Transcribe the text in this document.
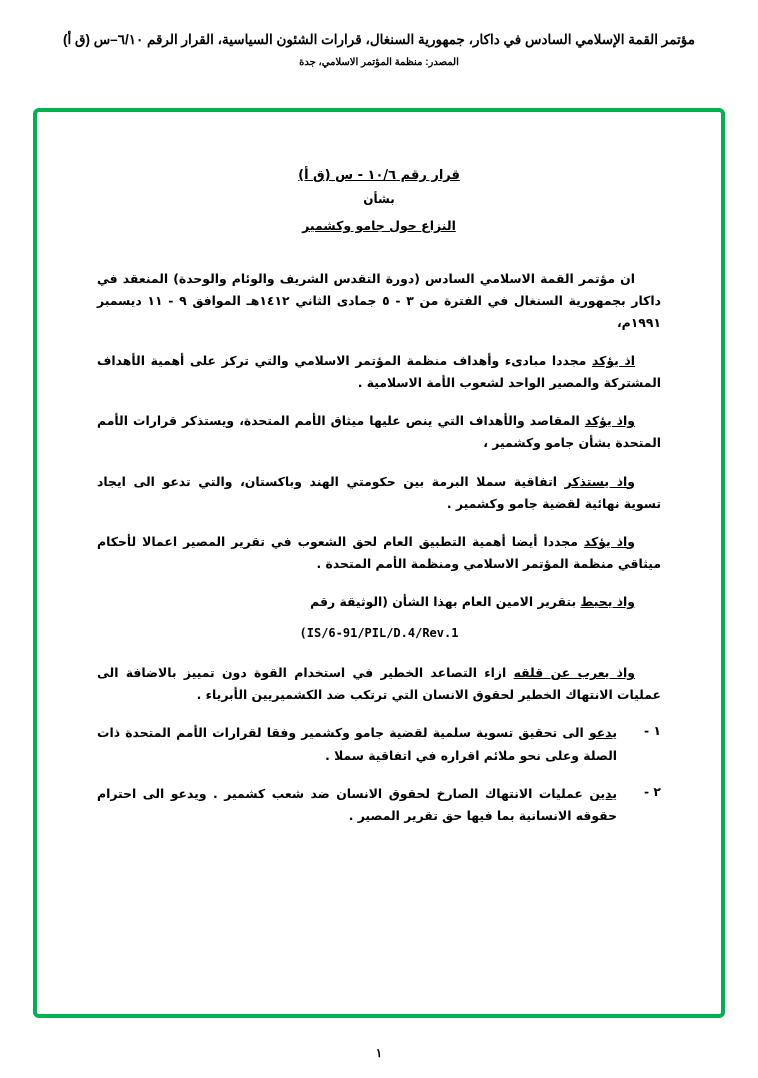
مؤتمر القمة الإسلامي السادس في داكار، جمهورية السنغال، قرارات الشئون السياسية، القرار الرقم ٦/١٠–س (ق أ)
المصدر: منظمة المؤتمر الاسلامي، جدة
قرار رقم ١٠/٦ - س (ق أ)
بشأن
النزاع حول جامو وكشمير

ان مؤتمر القمة الاسلامي السادس (دورة التقدس الشريف والوئام والوحدة) المنعقد في داكار بجمهورية السنغال في الفترة من ٣ - ٥ جمادى الثاني ١٤١٢هـ الموافق ٩ - ١١ ديسمبر ١٩٩١م،

اذ يؤكد مجددا مبادىء وأهداف منظمة المؤتمر الاسلامي والتي تركز على أهمية الأهداف المشتركة والمصير الواحد لشعوب الأمة الاسلامية .

واذ يؤكد المقاصد والأهداف التي ينص عليها ميثاق الأمم المتحدة، ويستذكر قرارات الأمم المتحدة بشأن جامو وكشمير ،

واذ يستذكر اتفاقية سملا البرمة بين حكومتي الهند وباكستان، والتي تدعو الى ايجاد تسوية نهائية لقضية جامو وكشمير .

واذ يؤكد مجددا أيضا أهمية التطبيق العام لحق الشعوب في تقرير المصير اعمالا لأحكام ميثاقي منظمة المؤتمر الاسلامي ومنظمة الأمم المتحدة .

واذ يحيط بتقرير الامين العام بهذا الشأن (الوثيقة رقم

(IS/6-91/PIL/D.4/Rev.1

واذ يعرب عن قلقه ازاء التصاعد الخطير في استخدام القوة دون تمييز بالاضافة الى عمليات الانتهاك الخطير لحقوق الانسان التي ترتكب ضد الكشميريين الأبرياء .

١ -
يدعو الى تحقيق تسوية سلمية لقضية جامو وكشمير وفقا لقرارات الأمم المتحدة ذات الصلة وعلى نحو ملائم اقراره في اتفاقية سملا .
٢ -
يدين عمليات الانتهاك الصارخ لحقوق الانسان ضد شعب كشمير . ويدعو الى احترام حقوقه الانسانية بما فيها حق تقرير المصير .
١
